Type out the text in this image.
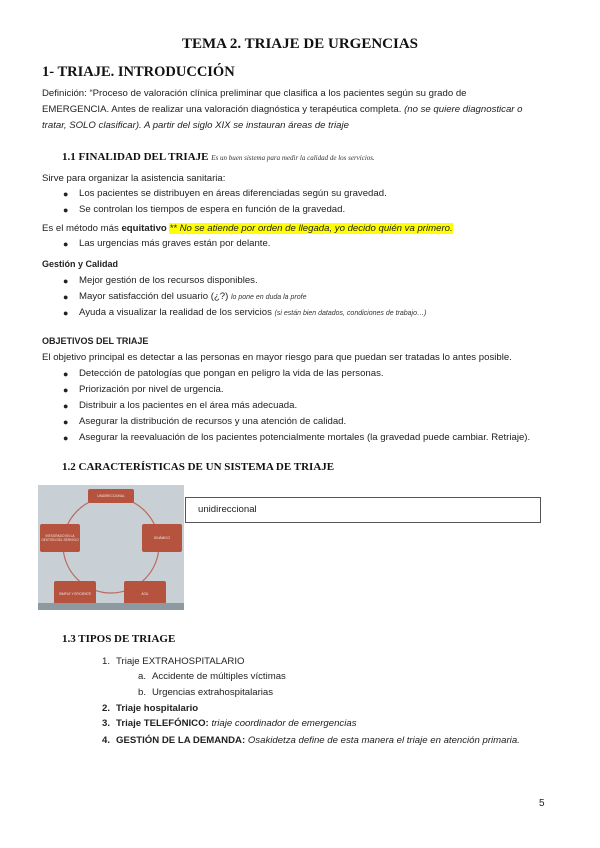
TEMA 2. TRIAJE DE URGENCIAS
1- TRIAJE. INTRODUCCIÓN
Definición: “Proceso de valoración clínica preliminar que clasifica a los pacientes según su grado de
EMERGENCIA. Antes de realizar una valoración diagnóstica y terapéutica completa. (no se quiere diagnosticar o
tratar, SOLO clasificar). A partir del siglo XIX se instauran áreas de triaje
1.1 FINALIDAD DEL TRIAJE Es un buen sistema para medir la calidad de los servicios.
Sirve para organizar la asistencia sanitaria:
● Los pacientes se distribuyen en áreas diferenciadas según su gravedad.
● Se controlan los tiempos de espera en función de la gravedad.
Es el método más equitativo ** No se atiende por orden de llegada, yo decido quién va primero.
● Las urgencias más graves están por delante.
Gestión y Calidad
● Mejor gestión de los recursos disponibles.
● Mayor satisfacción del usuario (¿?) lo pone en duda la profe
● Ayuda a visualizar la realidad de los servicios (si están bien datados, condiciones de trabajo…)
OBJETIVOS DEL TRIAJE
El objetivo principal es detectar a las personas en mayor riesgo para que puedan ser tratadas lo antes posible.
● Detección de patologías que pongan en peligro la vida de las personas.
● Priorización por nivel de urgencia.
● Distribuir a los pacientes en el área más adecuada.
● Asegurar la distribución de recursos y una atención de calidad.
● Asegurar la reevaluación de los pacientes potencialmente mortales (la gravedad puede cambiar. Retriaje).
1.2 CARACTERÍSTICAS DE UN SISTEMA DE TRIAJE
UNIDIRECCIONAL
DINÁMICO
ÁGIL
SIMPLE Y EFICIENTE
INTEGRADO EN LA GESTIÓN DEL SERVICIO
unidireccional
1.3 TIPOS DE TRIAGE
1. Triaje EXTRAHOSPITALARIO
a. Accidente de múltiples víctimas
b. Urgencias extrahospitalarias
2. Triaje hospitalario
3. Triaje TELEFÓNICO: triaje coordinador de emergencias
4. GESTIÓN DE LA DEMANDA: Osakidetza define de esta manera el triaje en atención primaria.
5
